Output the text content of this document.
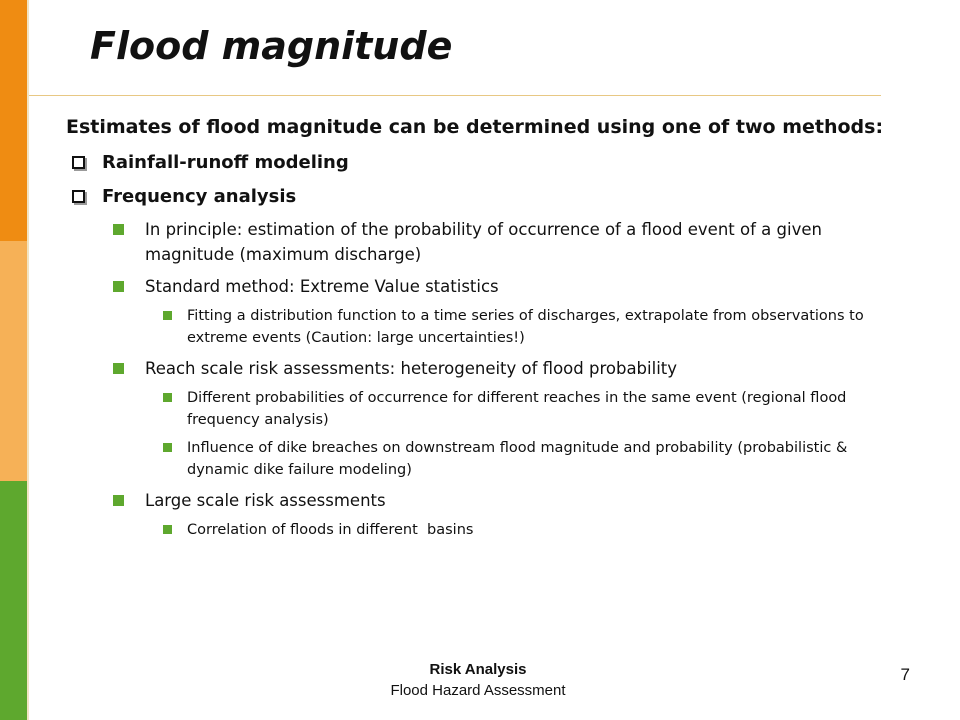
Flood magnitude

Estimates of flood magnitude can be determined using one of two methods:

Rainfall-runoff modeling
Frequency analysis
In principle: estimation of the probability of occurrence of a flood event of a given magnitude (maximum discharge)
Standard method: Extreme Value statistics
Fitting a distribution function to a time series of discharges, extrapolate from observations to extreme events (Caution: large uncertainties!)
Reach scale risk assessments: heterogeneity of flood probability
Different probabilities of occurrence for different reaches in the same event (regional flood frequency analysis)
Influence of dike breaches on downstream flood magnitude and probability (probabilistic & dynamic dike failure modeling)
Large scale risk assessments
Correlation of floods in different  basins
Risk Analysis
Flood Hazard Assessment
7
